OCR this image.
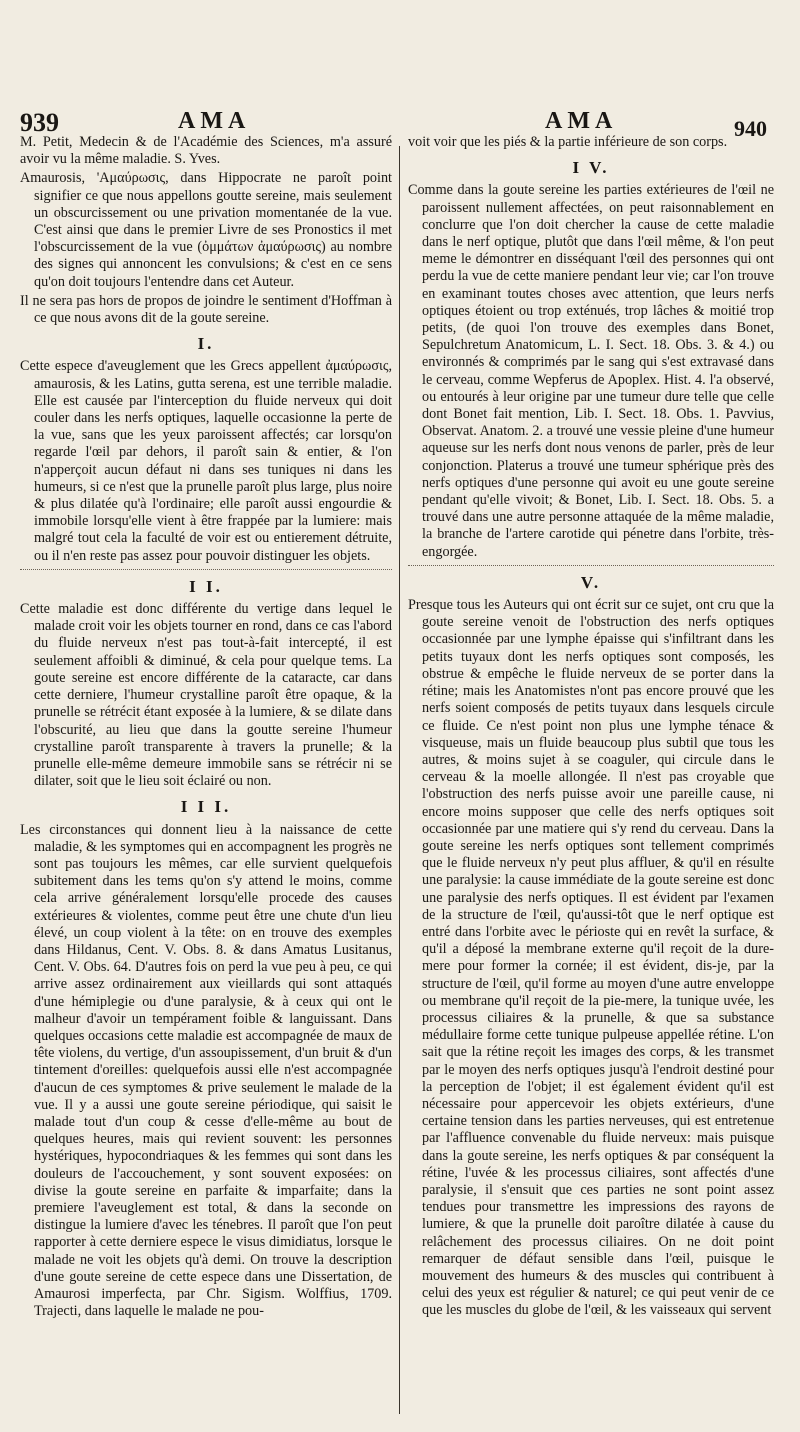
939	AMA	AMA	940

M. Petit, Medecin & de l'Académie des Sciences, m'a assuré avoir vu la même maladie. S. Yves.

Amaurosis, 'Αμαύρωσις, dans Hippocrate ne paroît point signifier ce que nous appellons goutte sereine, mais seulement un obscurcissement ou une privation momentanée de la vue. C'est ainsi que dans le premier Livre de ses Pronostics il met l'obscurcissement de la vue (ὀμμάτων ἀμαύρωσις) au nombre des signes qui annoncent les convulsions; & c'est en ce sens qu'on doit toujours l'entendre dans cet Auteur.

Il ne sera pas hors de propos de joindre le sentiment d'Hoffman à ce que nous avons dit de la goute sereine.

I.

Cette espece d'aveuglement que les Grecs appellent ἀμαύρωσις, amaurosis, & les Latins, gutta serena, est une terrible maladie. Elle est causée par l'interception du fluide nerveux qui doit couler dans les nerfs optiques, laquelle occasionne la perte de la vue, sans que les yeux paroissent affectés; car lorsqu'on regarde l'œil par dehors, il paroît sain & entier, & l'on n'apperçoit aucun défaut ni dans ses tuniques ni dans les humeurs, si ce n'est que la prunelle paroît plus large, plus noire & plus dilatée qu'à l'ordinaire; elle paroît aussi engourdie & immobile lorsqu'elle vient à être frappée par la lumiere: mais malgré tout cela la faculté de voir est ou entierement détruite, ou il n'en reste pas assez pour pouvoir distinguer les objets.

I I.

Cette maladie est donc différente du vertige dans lequel le malade croit voir les objets tourner en rond, dans ce cas l'abord du fluide nerveux n'est pas tout-à-fait intercepté, il est seulement affoibli & diminué, & cela pour quelque tems. La goute sereine est encore différente de la cataracte, car dans cette derniere, l'humeur crystalline paroît être opaque, & la prunelle se rétrécit étant exposée à la lumiere, & se dilate dans l'obscurité, au lieu que dans la goutte sereine l'humeur crystalline paroît transparente à travers la prunelle; & la prunelle elle-même demeure immobile sans se rétrécir ni se dilater, soit que le lieu soit éclairé ou non.

I I I.

Les circonstances qui donnent lieu à la naissance de cette maladie, & les symptomes qui en accompagnent les progrès ne sont pas toujours les mêmes, car elle survient quelquefois subitement dans les tems qu'on s'y attend le moins, comme cela arrive généralement lorsqu'elle procede des causes extérieures & violentes, comme peut être une chute d'un lieu élevé, un coup violent à la tête: on en trouve des exemples dans Hildanus, Cent. V. Obs. 8. & dans Amatus Lusitanus, Cent. V. Obs. 64. D'autres fois on perd la vue peu à peu, ce qui arrive assez ordinairement aux vieillards qui sont attaqués d'une hémiplegie ou d'une paralysie, & à ceux qui ont le malheur d'avoir un tempérament foible & languissant. Dans quelques occasions cette maladie est accompagnée de maux de tête violens, du vertige, d'un assoupissement, d'un bruit & d'un tintement d'oreilles: quelquefois aussi elle n'est accompagnée d'aucun de ces symptomes & prive seulement le malade de la vue. Il y a aussi une goute sereine périodique, qui saisit le malade tout d'un coup & cesse d'elle-même au bout de quelques heures, mais qui revient souvent: les personnes hystériques, hypocondriaques & les femmes qui sont dans les douleurs de l'accouchement, y sont souvent exposées: on divise la goute sereine en parfaite & imparfaite; dans la premiere l'aveuglement est total, & dans la seconde on distingue la lumiere d'avec les ténebres. Il paroît que l'on peut rapporter à cette derniere espece le visus dimidiatus, lorsque le malade ne voit les objets qu'à demi. On trouve la description d'une goute sereine de cette espece dans une Dissertation, de Amaurosi imperfecta, par Chr. Sigism. Wolffius, 1709. Trajecti, dans laquelle le malade ne pou-

voit voir que les piés & la partie inférieure de son corps.

I V.

Comme dans la goute sereine les parties extérieures de l'œil ne paroissent nullement affectées, on peut raisonnablement en conclurre que l'on doit chercher la cause de cette maladie dans le nerf optique, plutôt que dans l'œil même, & l'on peut meme le démontrer en disséquant l'œil des personnes qui ont perdu la vue de cette maniere pendant leur vie; car l'on trouve en examinant toutes choses avec attention, que leurs nerfs optiques étoient ou trop exténués, trop lâches & moitié trop petits, (de quoi l'on trouve des exemples dans Bonet, Sepulchretum Anatomicum, L. I. Sect. 18. Obs. 3. & 4.) ou environnés & comprimés par le sang qui s'est extravasé dans le cerveau, comme Wepferus de Apoplex. Hist. 4. l'a observé, ou entourés à leur origine par une tumeur dure telle que celle dont Bonet fait mention, Lib. I. Sect. 18. Obs. 1. Pavvius, Observat. Anatom. 2. a trouvé une vessie pleine d'une humeur aqueuse sur les nerfs dont nous venons de parler, près de leur conjonction. Platerus a trouvé une tumeur sphérique près des nerfs optiques d'une personne qui avoit eu une goute sereine pendant qu'elle vivoit; & Bonet, Lib. I. Sect. 18. Obs. 5. a trouvé dans une autre personne attaquée de la même maladie, la branche de l'artere carotide qui pénetre dans l'orbite, très-engorgée.

V.

Presque tous les Auteurs qui ont écrit sur ce sujet, ont cru que la goute sereine venoit de l'obstruction des nerfs optiques occasionnée par une lymphe épaisse qui s'infiltrant dans les petits tuyaux dont les nerfs optiques sont composés, les obstrue & empêche le fluide nerveux de se porter dans la rétine; mais les Anatomistes n'ont pas encore prouvé que les nerfs soient composés de petits tuyaux dans lesquels circule ce fluide. Ce n'est point non plus une lymphe ténace & visqueuse, mais un fluide beaucoup plus subtil que tous les autres, & moins sujet à se coaguler, qui circule dans le cerveau & la moelle allongée. Il n'est pas croyable que l'obstruction des nerfs puisse avoir une pareille cause, ni encore moins supposer que celle des nerfs optiques soit occasionnée par une matiere qui s'y rend du cerveau. Dans la goute sereine les nerfs optiques sont tellement comprimés que le fluide nerveux n'y peut plus affluer, & qu'il en résulte une paralysie: la cause immédiate de la goute sereine est donc une paralysie des nerfs optiques. Il est évident par l'examen de la structure de l'œil, qu'aussi-tôt que le nerf optique est entré dans l'orbite avec le périoste qui en revêt la surface, & qu'il a déposé la membrane externe qu'il reçoit de la dure-mere pour former la cornée; il est évident, dis-je, par la structure de l'œil, qu'il forme au moyen d'une autre enveloppe ou membrane qu'il reçoit de la pie-mere, la tunique uvée, les processus ciliaires & la prunelle, & que sa substance médullaire forme cette tunique pulpeuse appellée rétine. L'on sait que la rétine reçoit les images des corps, & les transmet par le moyen des nerfs optiques jusqu'à l'endroit destiné pour la perception de l'objet; il est également évident qu'il est nécessaire pour appercevoir les objets extérieurs, d'une certaine tension dans les parties nerveuses, qui est entretenue par l'affluence convenable du fluide nerveux: mais puisque dans la goute sereine, les nerfs optiques & par conséquent la rétine, l'uvée & les processus ciliaires, sont affectés d'une paralysie, il s'ensuit que ces parties ne sont point assez tendues pour transmettre les impressions des rayons de lumiere, & que la prunelle doit paroître dilatée à cause du relâchement des processus ciliaires. On ne doit point remarquer de défaut sensible dans l'œil, puisque le mouvement des humeurs & des muscles qui contribuent à celui des yeux est régulier & naturel; ce qui peut venir de ce que les muscles du globe de l'œil, & les vaisseaux qui servent
